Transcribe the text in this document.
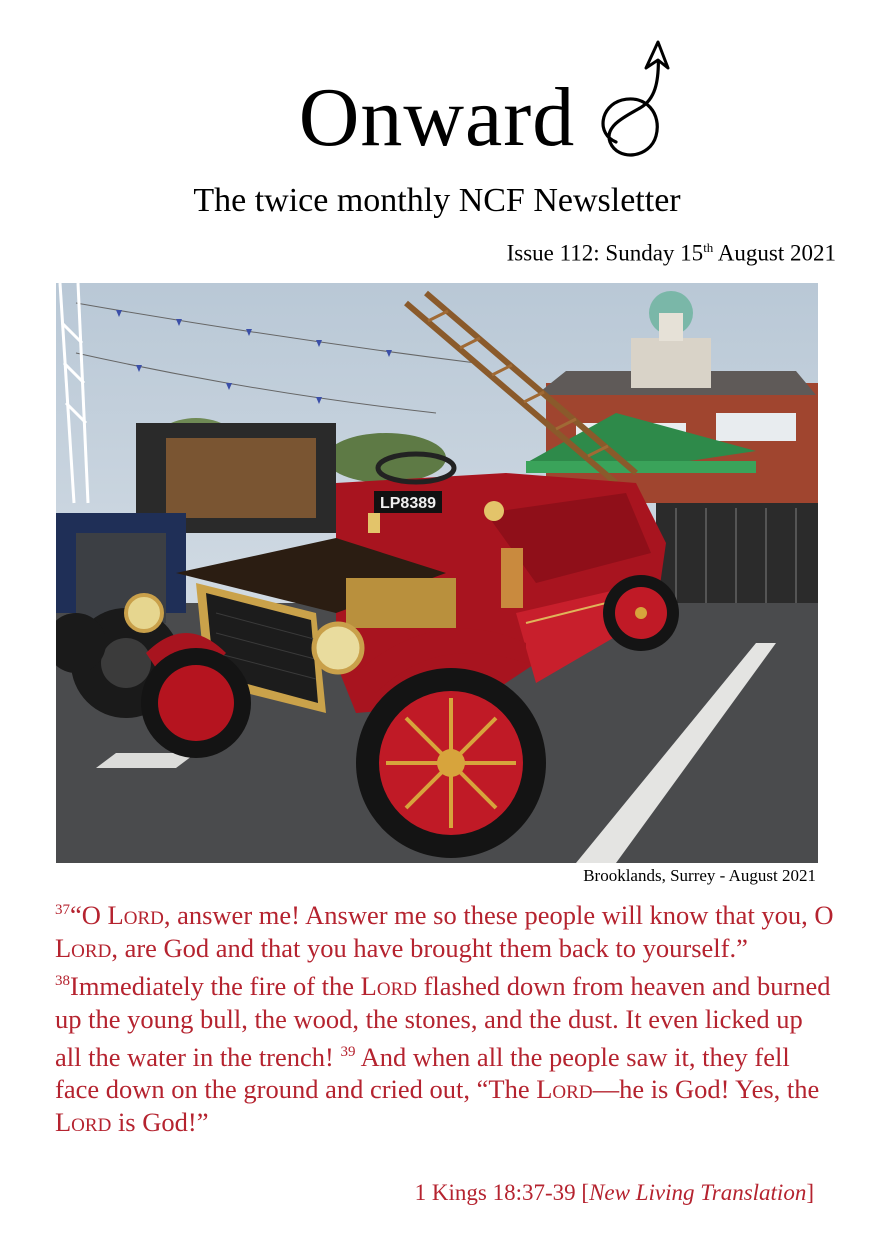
Onward
The twice monthly NCF Newsletter
Issue 112: Sunday 15th August 2021
LP8389
Brooklands, Surrey - August 2021
$^{37}$“O Lord, answer me! Answer me so these people will know that you, O Lord, are God and that you have brought them back to yourself.” $^{38}$Immediately the fire of the Lord flashed down from heaven and burned up the young bull, the wood, the stones, and the dust. It even licked up all the water in the trench! $^{39}$ And when all the people saw it, they fell face down on the ground and cried out, “The Lord—he is God! Yes, the Lord is God!”
1 Kings 18:37-39 [New Living Translation]
